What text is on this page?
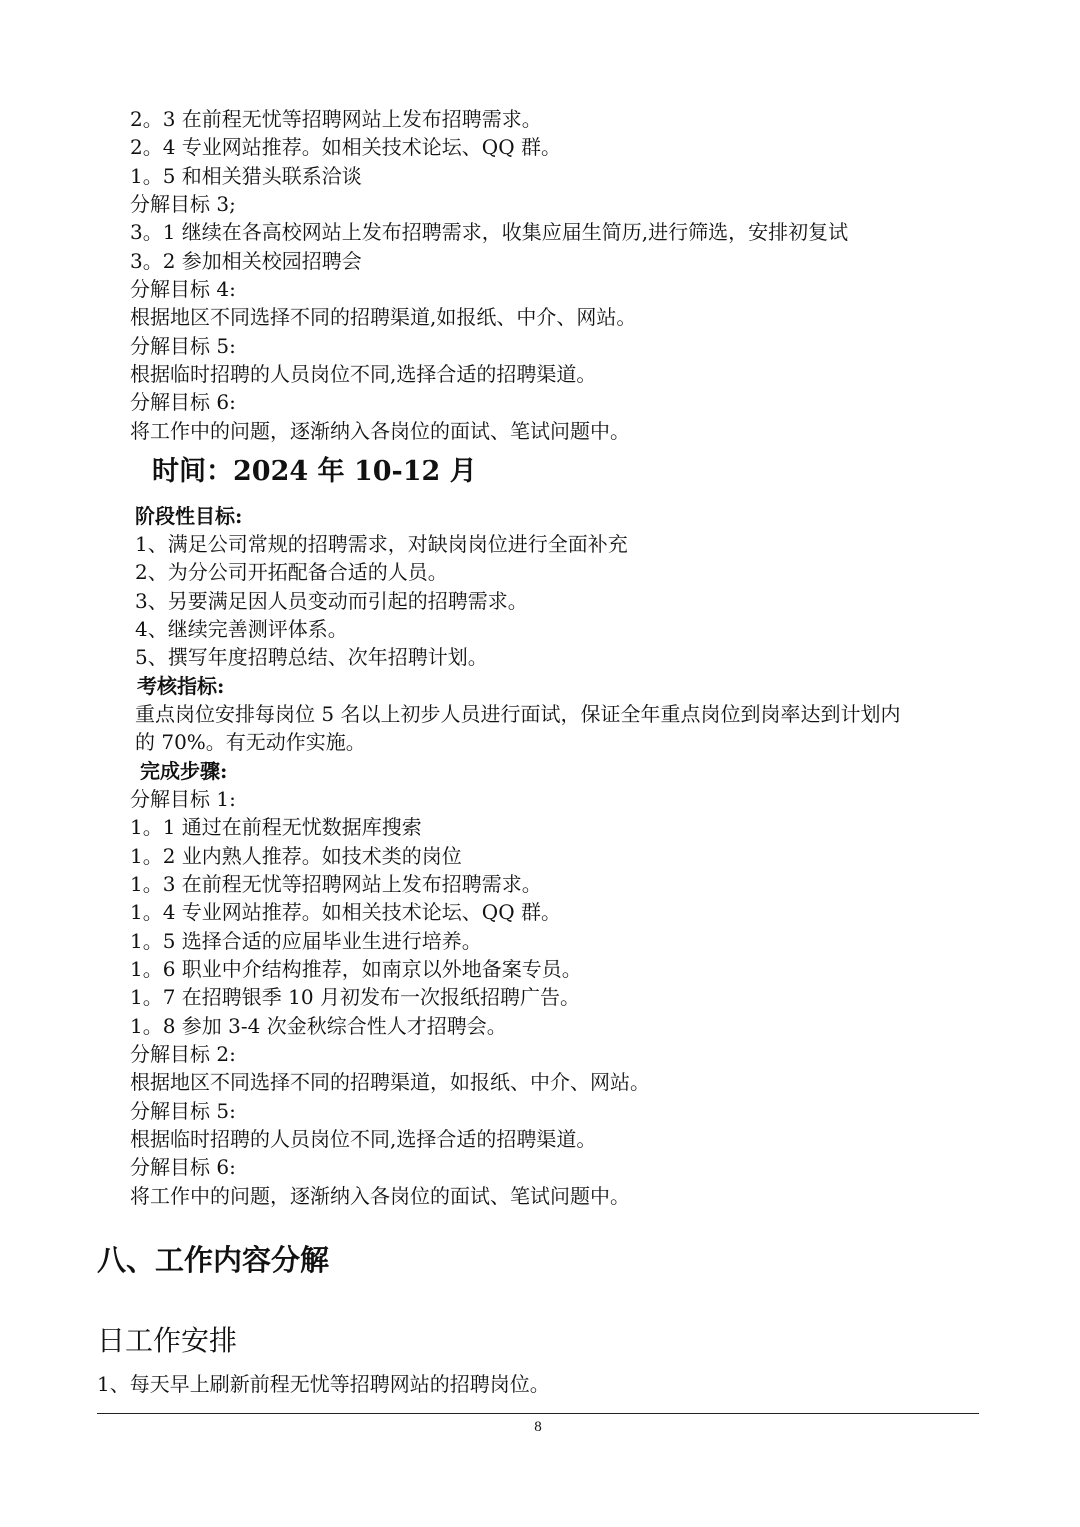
2。3 在前程无忧等招聘网站上发布招聘需求。
2。4 专业网站推荐。如相关技术论坛、QQ 群。
1。5 和相关猎头联系洽谈
分解目标 3;
3。1 继续在各高校网站上发布招聘需求，收集应届生简历,进行筛选，安排初复试
3。2 参加相关校园招聘会
分解目标 4:
根据地区不同选择不同的招聘渠道,如报纸、中介、网站。
分解目标 5:
根据临时招聘的人员岗位不同,选择合适的招聘渠道。
分解目标 6:
将工作中的问题，逐渐纳入各岗位的面试、笔试问题中。
时间：2024 年 10-12 月
阶段性目标:
1、满足公司常规的招聘需求，对缺岗岗位进行全面补充
2、为分公司开拓配备合适的人员。
3、另要满足因人员变动而引起的招聘需求。
4、继续完善测评体系。
5、撰写年度招聘总结、次年招聘计划。
考核指标:
重点岗位安排每岗位 5 名以上初步人员进行面试，保证全年重点岗位到岗率达到计划内
的 70%。有无动作实施。
完成步骤:
分解目标 1:
1。1 通过在前程无忧数据库搜索
1。2 业内熟人推荐。如技术类的岗位
1。3 在前程无忧等招聘网站上发布招聘需求。
1。4 专业网站推荐。如相关技术论坛、QQ 群。
1。5 选择合适的应届毕业生进行培养。
1。6 职业中介结构推荐，如南京以外地备案专员。
1。7 在招聘银季 10 月初发布一次报纸招聘广告。
1。8 参加 3-4 次金秋综合性人才招聘会。
分解目标 2:
根据地区不同选择不同的招聘渠道，如报纸、中介、网站。
分解目标 5:
根据临时招聘的人员岗位不同,选择合适的招聘渠道。
分解目标 6:
将工作中的问题，逐渐纳入各岗位的面试、笔试问题中。
八、工作内容分解
日工作安排
1、每天早上刷新前程无忧等招聘网站的招聘岗位。
8
